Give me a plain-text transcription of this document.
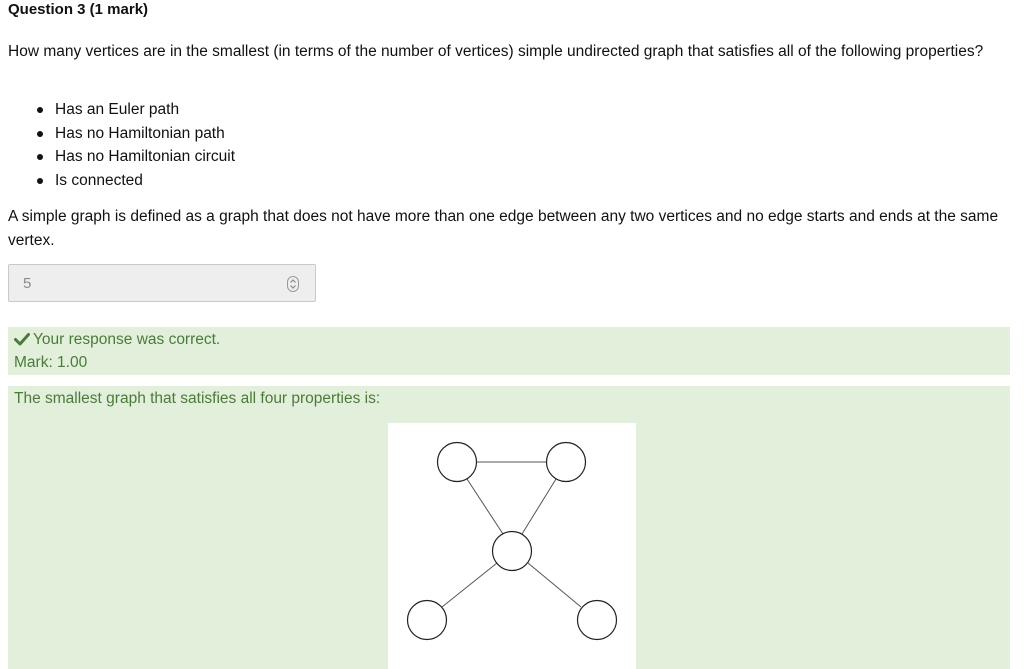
Question 3 (1 mark)
How many vertices are in the smallest (in terms of the number of vertices) simple undirected graph that satisfies all of the following properties?
Has an Euler path
Has no Hamiltonian path
Has no Hamiltonian circuit
Is connected
A simple graph is defined as a graph that does not have more than one edge between any two vertices and no edge starts and ends at the same vertex.
5
Your response was correct.
Mark: 1.00
The smallest graph that satisfies all four properties is:
